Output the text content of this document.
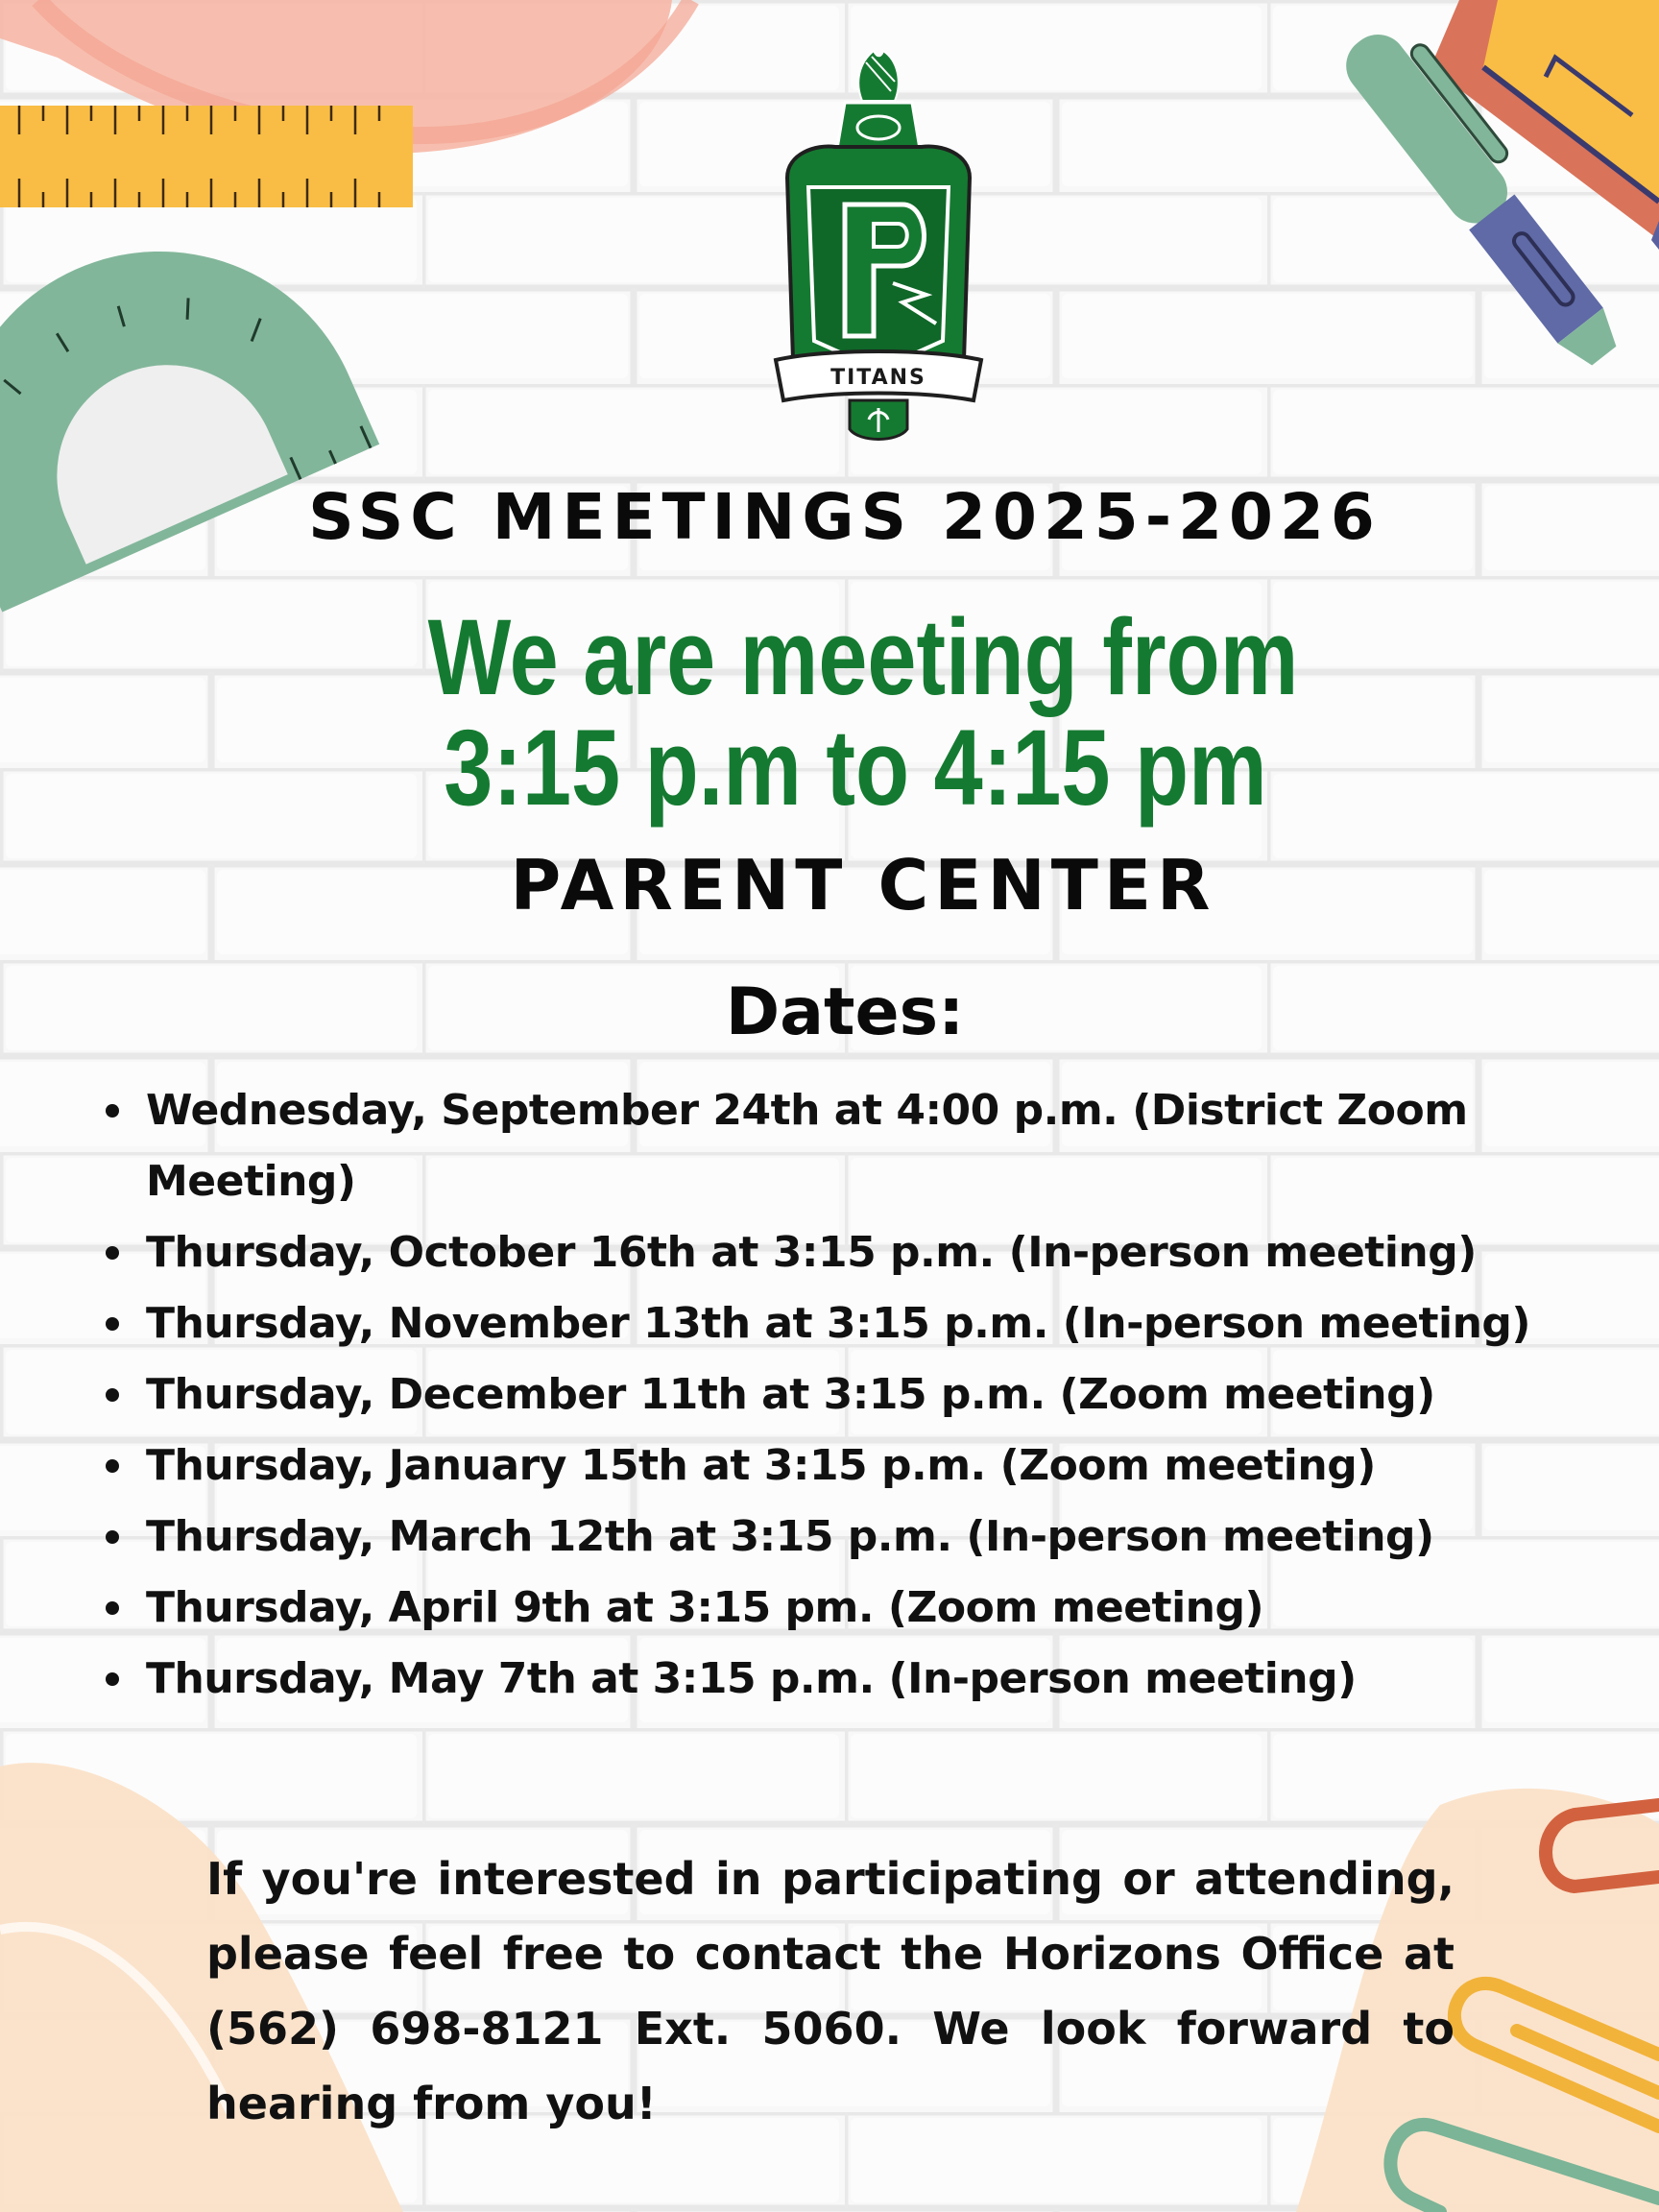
TITANS
SSC MEETINGS 2025-2026
We are meeting from
3:15 p.m to 4:15 pm
PARENT CENTER
Dates:
Wednesday, September 24th at 4:00 p.m. (District Zoom Meeting)
Thursday, October 16th at 3:15 p.m. (In-person meeting)
Thursday, November 13th at 3:15 p.m. (In-person meeting)
Thursday, December 11th at 3:15 p.m. (Zoom meeting)
Thursday, January 15th at 3:15 p.m. (Zoom meeting)
Thursday, March 12th at 3:15 p.m. (In-person meeting)
Thursday, April 9th at 3:15 pm. (Zoom meeting)
Thursday, May 7th at 3:15 p.m. (In-person meeting)

If you're interested in participating or attending, please feel free to contact the Horizons Office at (562) 698-8121 Ext. 5060. We look forward to hearing from you!
